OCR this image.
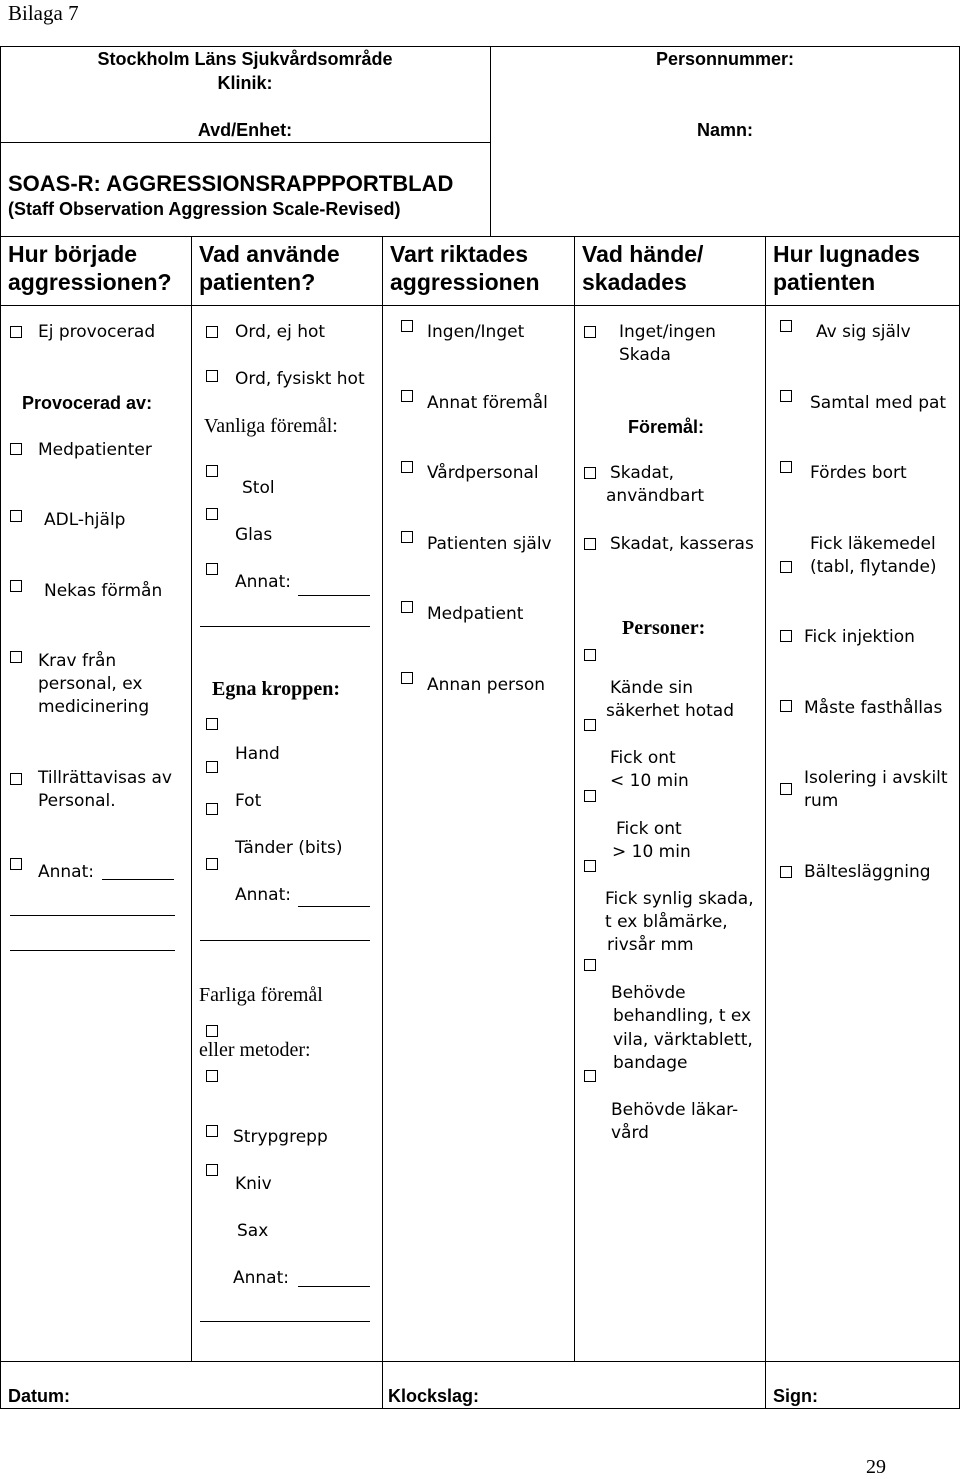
Bilaga 7
Stockholm Läns Sjukvårdsområde
Klinik:
Avd/Enhet:
Personnummer:
Namn:
SOAS-R: AGGRESSIONSRAPPPORTBLAD
(Staff Observation Aggression Scale-Revised)
Hur började
aggressionen?
Vad använde
patienten?
Vart riktades
aggressionen
Vad hände/
skadades
Hur lugnades
patienten
Ej provocerad
Provocerad av:
Medpatienter
ADL-hjälp
Nekas förmån
Krav från
personal, ex
medicinering
Tillrättavisas av
Personal.
Annat:
Ord, ej hot
Ord, fysiskt hot
Vanliga föremål:
Stol
Glas
Annat:
Egna kroppen:
Hand
Fot
Tänder (bits)
Annat:
Farliga föremål
eller metoder:
Strypgrepp
Kniv
Sax
Annat:
Ingen/Inget
Annat föremål
Vårdpersonal
Patienten själv
Medpatient
Annan person
Inget/ingen
Skada
Föremål:
Skadat,
användbart
Skadat, kasseras
Personer:
Kände sin
säkerhet hotad
Fick ont
< 10 min
Fick ont
> 10 min
Fick synlig skada,
t ex blåmärke,
rivsår mm
Behövde
behandling, t ex
vila, värktablett,
bandage
Behövde läkar-
vård
Av sig själv
Samtal med pat
Fördes bort
Fick läkemedel
(tabl, flytande)
Fick injektion
Måste fasthållas
Isolering i avskilt
rum
Bältesläggning
Datum:	Klockslag:	Sign:
29
